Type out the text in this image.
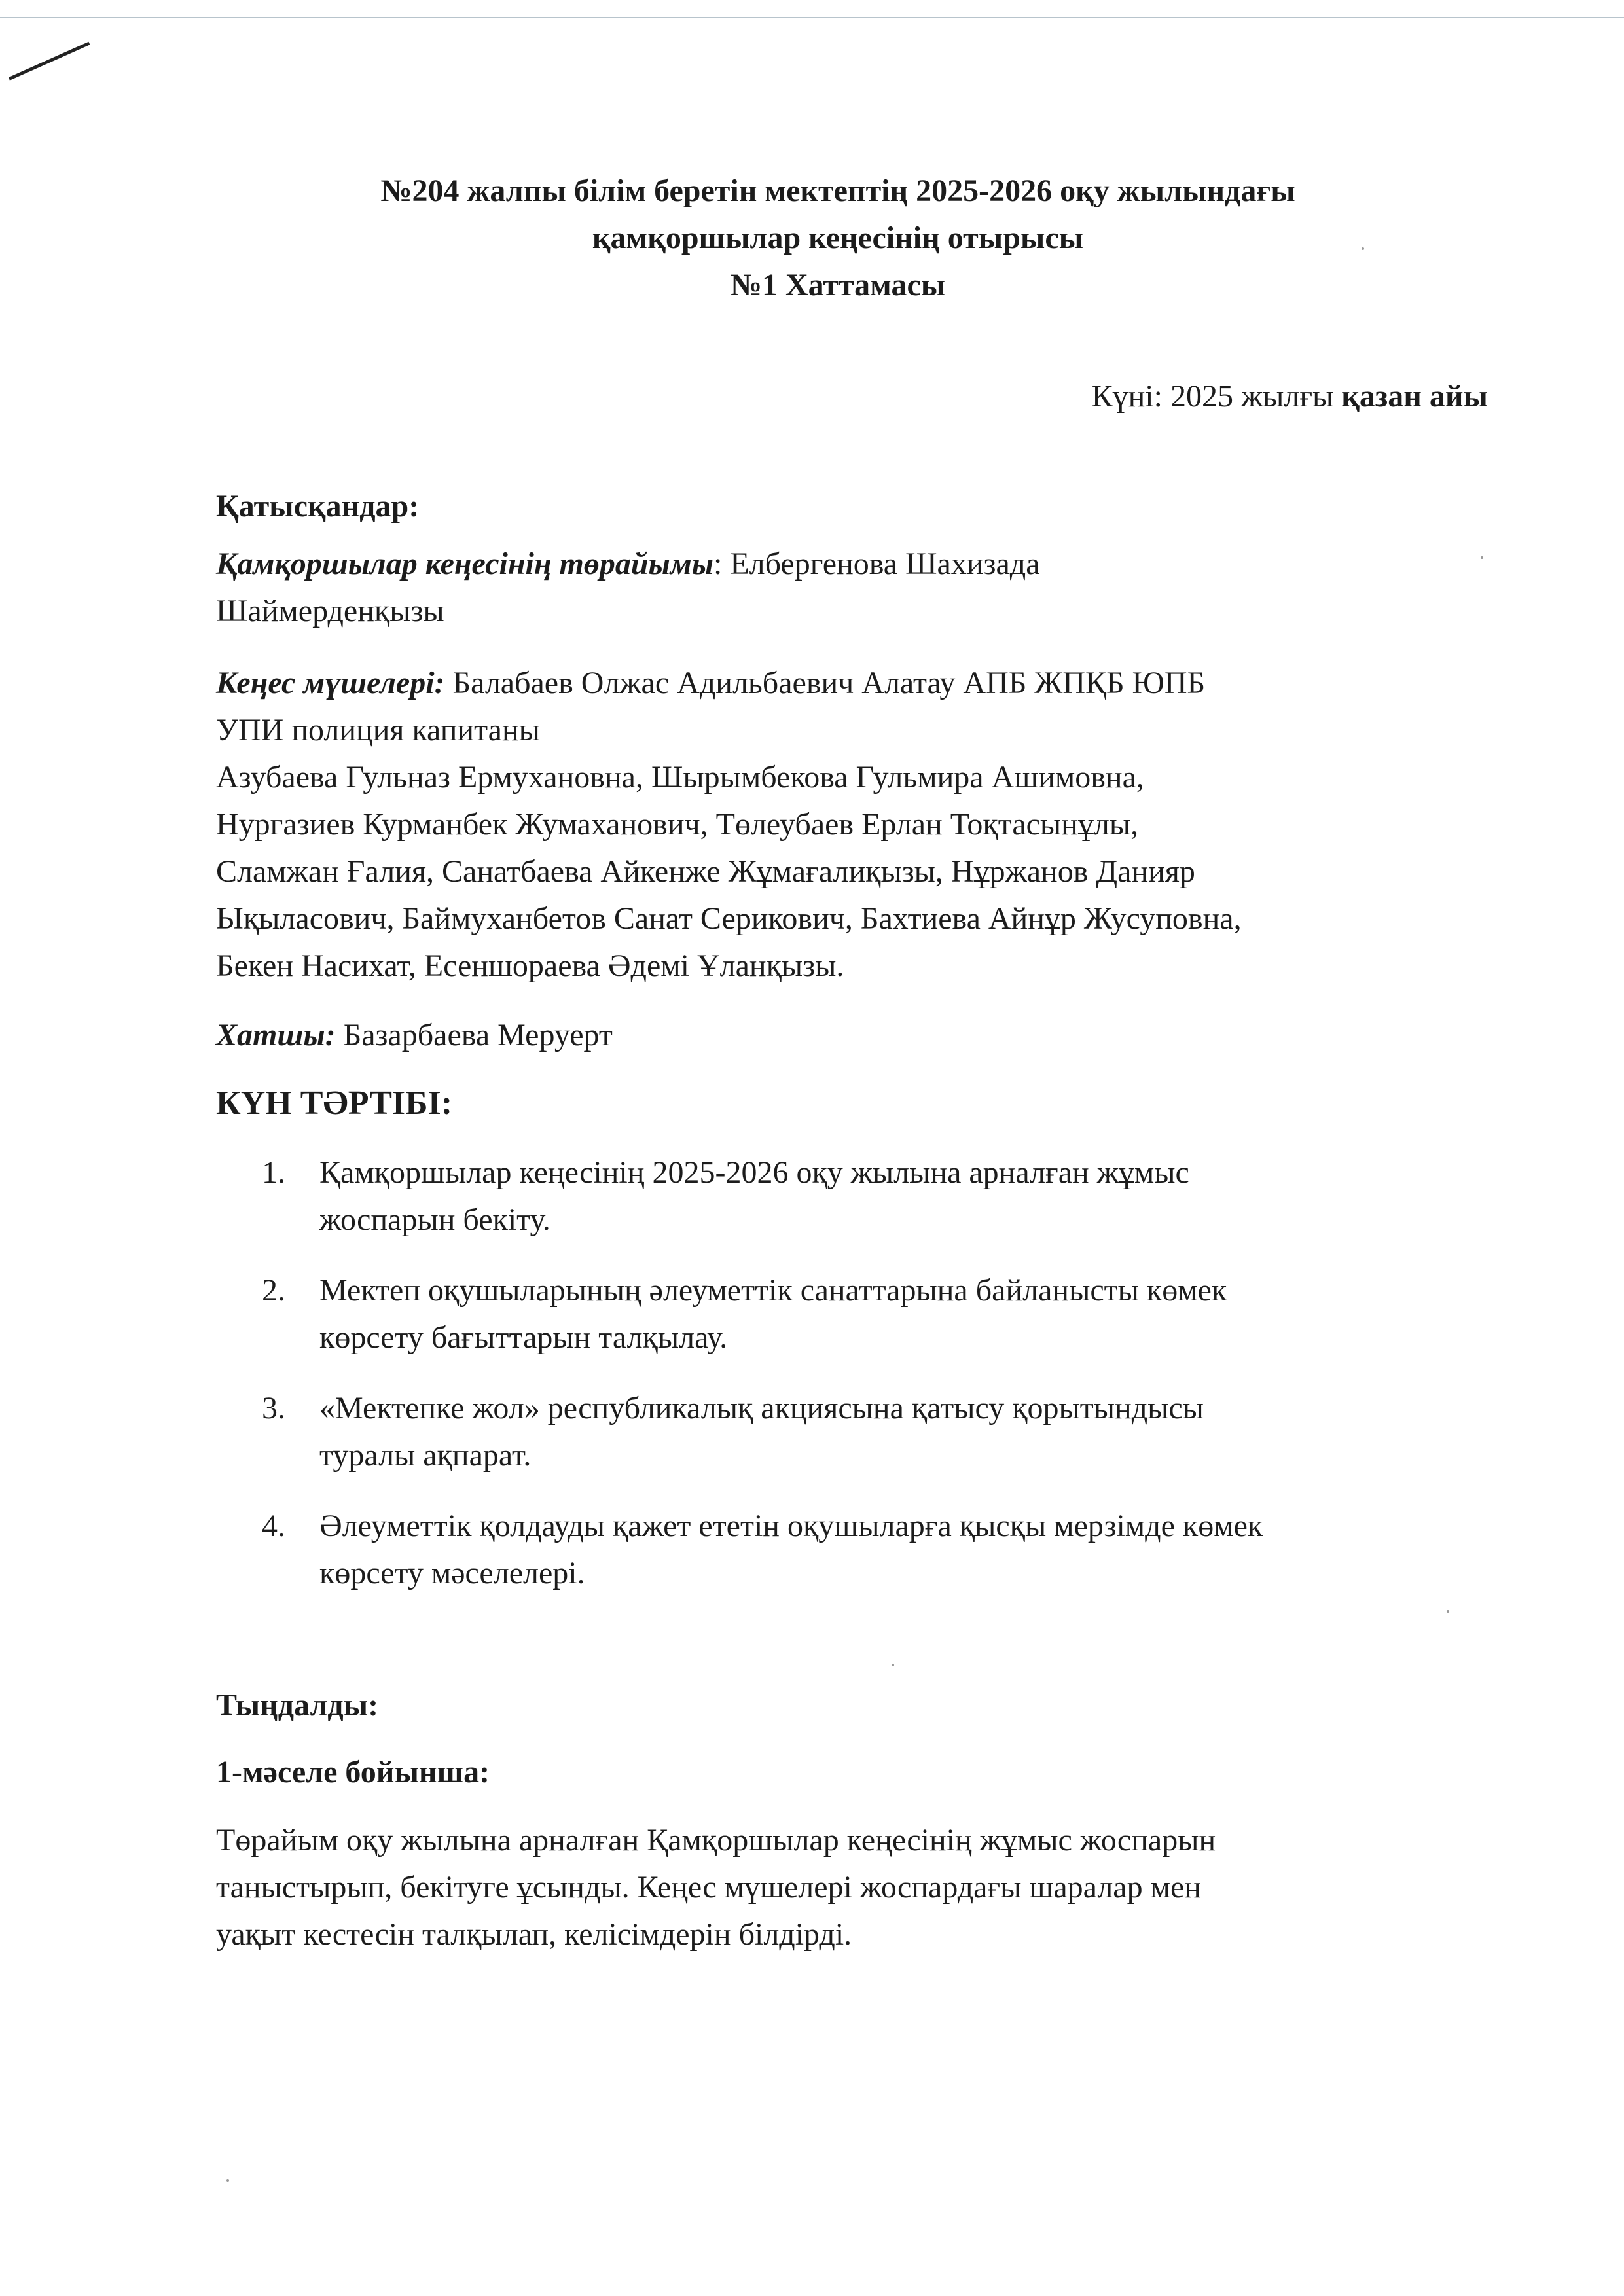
№204 жалпы білім беретін мектептің 2025-2026 оқу жылындағы
қамқоршылар кеңесінің отырысы
№1 Хаттамасы
Күні: 2025 жылғы қазан айы
Қатысқандар:
Қамқоршылар кеңесінің төрайымы: Елбергенова Шахизада
Шаймерденқызы
Кеңес мүшелері: Балабаев Олжас Адильбаевич Алатау АПБ ЖПҚБ ЮПБ
УПИ полиция капитаны
Азубаева Гульназ Ермухановна, Шырымбекова Гульмира Ашимовна,
Нургазиев Курманбек Жумаханович, Төлеубаев Ерлан Тоқтасынұлы,
Сламжан Ғалия, Санатбаева Айкенже Жұмағалиқызы, Нұржанов Данияр
Ықыласович, Баймуханбетов Санат Серикович, Бахтиева Айнұр Жусуповна,
Бекен Насихат, Есеншораева Әдемі Ұланқызы.
Хатшы: Базарбаева Меруерт
КҮН ТӘРТІБІ:
1. Қамқоршылар кеңесінің 2025-2026 оқу жылына арналған жұмыс
жоспарын бекіту.
2. Мектеп оқушыларының әлеуметтік санаттарына байланысты көмек
көрсету бағыттарын талқылау.
3. «Мектепке жол» республикалық акциясына қатысу қорытындысы
туралы ақпарат.
4. Әлеуметтік қолдауды қажет ететін оқушыларға қысқы мерзімде көмек
көрсету мәселелері.
Тыңдалды:
1-мәселе бойынша:
Төрайым оқу жылына арналған Қамқоршылар кеңесінің жұмыс жоспарын
таныстырып, бекітуге ұсынды. Кеңес мүшелері жоспардағы шаралар мен
уақыт кестесін талқылап, келісімдерін білдірді.
